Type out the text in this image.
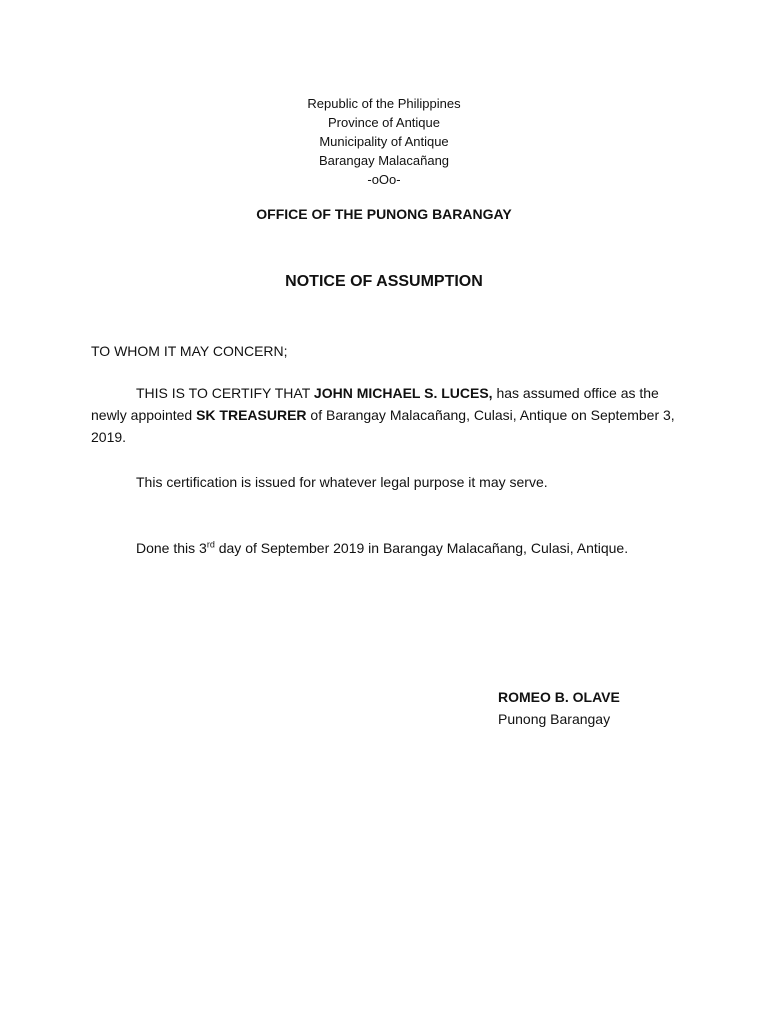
Republic of the Philippines
Province of Antique
Municipality of Antique
Barangay Malacañang
-oOo-
OFFICE OF THE PUNONG BARANGAY
NOTICE OF ASSUMPTION
TO WHOM IT MAY CONCERN;
THIS IS TO CERTIFY THAT JOHN MICHAEL S. LUCES, has assumed office as the newly appointed SK TREASURER of Barangay Malacañang, Culasi, Antique on September 3, 2019.
This certification is issued for whatever legal purpose it may serve.
Done this 3rd day of September 2019 in Barangay Malacañang, Culasi, Antique.
ROMEO B. OLAVE
Punong Barangay
